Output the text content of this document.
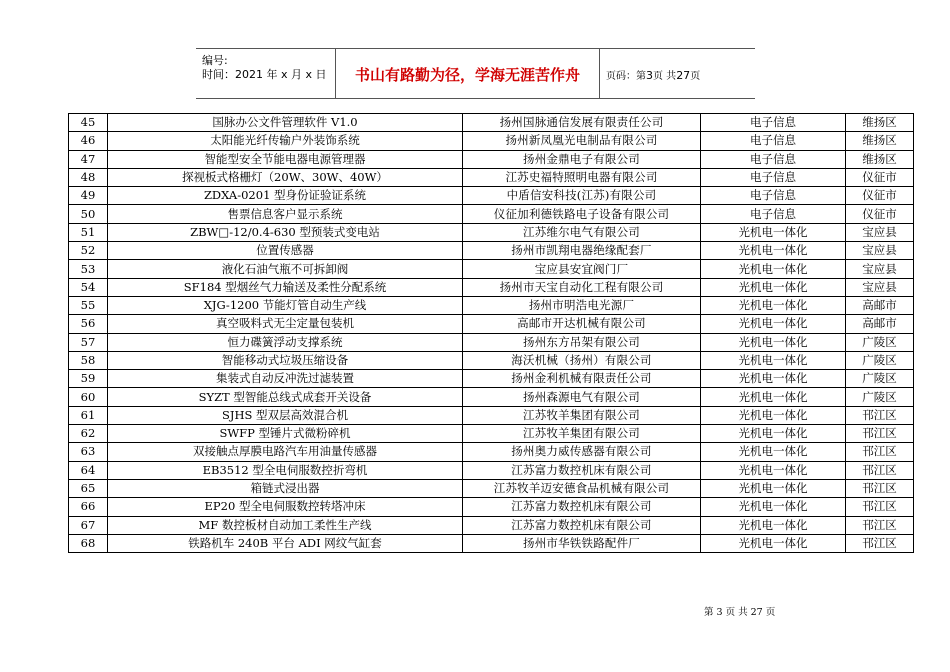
编号:
时间：2021 年 x 月 x 日	书山有路勤为径，学海无涯苦作舟	页码：第3页 共27页
45	国脉办公文件管理软件 V1.0	扬州国脉通信发展有限责任公司	电子信息	维扬区
46	太阳能光纤传输户外装饰系统	扬州新凤凰光电制品有限公司	电子信息	维扬区
47	智能型安全节能电器电源管理器	扬州金鼎电子有限公司	电子信息	维扬区
48	探视板式格栅灯（20W、30W、40W）	江苏史福特照明电器有限公司	电子信息	仪征市
49	ZDXA-0201 型身份证验证系统	中盾信安科技(江苏)有限公司	电子信息	仪征市
50	售票信息客户显示系统	仪征加利德铁路电子设备有限公司	电子信息	仪征市
51	ZBW□-12/0.4-630 型预装式变电站	江苏维尔电气有限公司	光机电一体化	宝应县
52	位置传感器	扬州市凯翔电器绝缘配套厂	光机电一体化	宝应县
53	液化石油气瓶不可拆卸阀	宝应县安宜阀门厂	光机电一体化	宝应县
54	SF184 型烟丝气力输送及柔性分配系统	扬州市天宝自动化工程有限公司	光机电一体化	宝应县
55	XJG-1200 节能灯管自动生产线	扬州市明浩电光源厂	光机电一体化	高邮市
56	真空吸料式无尘定量包装机	高邮市开达机械有限公司	光机电一体化	高邮市
57	恒力碟簧浮动支撑系统	扬州东方吊架有限公司	光机电一体化	广陵区
58	智能移动式垃圾压缩设备	海沃机械（扬州）有限公司	光机电一体化	广陵区
59	集装式自动反冲洗过滤装置	扬州金利机械有限责任公司	光机电一体化	广陵区
60	SYZT 型智能总线式成套开关设备	扬州森源电气有限公司	光机电一体化	广陵区
61	SJHS 型双层高效混合机	江苏牧羊集团有限公司	光机电一体化	邗江区
62	SWFP 型锤片式微粉碎机	江苏牧羊集团有限公司	光机电一体化	邗江区
63	双接触点厚膜电路汽车用油量传感器	扬州奥力威传感器有限公司	光机电一体化	邗江区
64	EB3512 型全电伺服数控折弯机	江苏富力数控机床有限公司	光机电一体化	邗江区
65	箱链式浸出器	江苏牧羊迈安德食品机械有限公司	光机电一体化	邗江区
66	EP20 型全电伺服数控转塔冲床	江苏富力数控机床有限公司	光机电一体化	邗江区
67	MF 数控板材自动加工柔性生产线	江苏富力数控机床有限公司	光机电一体化	邗江区
68	铁路机车 240B 平台 ADI 网纹气缸套	扬州市华铁铁路配件厂	光机电一体化	邗江区
第 3 页 共 27 页
